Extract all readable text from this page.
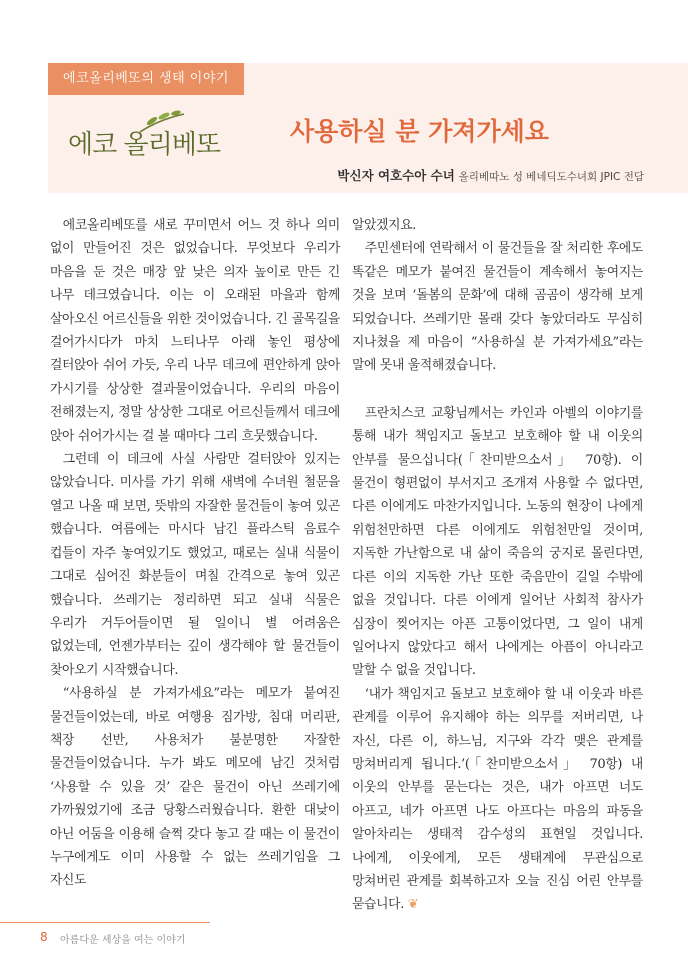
에코올리베또의 생태 이야기
에코 올리베또	사용하실 분 가져가세요
박신자 여호수아 수녀 올리베따노 성 베네딕도수녀회 JPIC 전담

에코올리베또를 새로 꾸미면서 어느 것 하나 의미 없이 만들어진 것은 없었습니다. 무엇보다 우리가 마음을 둔 것은 매장 앞 낮은 의자 높이로 만든 긴 나무 데크였습니다. 이는 이 오래된 마을과 함께 살아오신 어르신들을 위한 것이었습니다. 긴 골목길을 걸어가시다가 마치 느티나무 아래 놓인 평상에 걸터앉아 쉬어 가듯, 우리 나무 데크에 편안하게 앉아 가시기를 상상한 결과물이었습니다. 우리의 마음이 전해졌는지, 정말 상상한 그대로 어르신들께서 데크에 앉아 쉬어가시는 걸 볼 때마다 그리 흐뭇했습니다.

그런데 이 데크에 사실 사람만 걸터앉아 있지는 않았습니다. 미사를 가기 위해 새벽에 수녀원 철문을 열고 나올 때 보면, 뜻밖의 자잘한 물건들이 놓여 있곤 했습니다. 여름에는 마시다 남긴 플라스틱 음료수 컵들이 자주 놓여있기도 했었고, 때로는 실내 식물이 그대로 심어진 화분들이 며칠 간격으로 놓여 있곤 했습니다. 쓰레기는 정리하면 되고 실내 식물은 우리가 거두어들이면 될 일이니 별 어려움은 없었는데, 언젠가부터는 깊이 생각해야 할 물건들이 찾아오기 시작했습니다.

“사용하실 분 가져가세요”라는 메모가 붙여진 물건들이었는데, 바로 여행용 짐가방, 침대 머리판, 책장 선반, 사용처가 불분명한 자잘한 물건들이었습니다. 누가 봐도 메모에 남긴 것처럼 ‘사용할 수 있을 것’ 같은 물건이 아닌 쓰레기에 가까웠었기에 조금 당황스러웠습니다. 환한 대낮이 아닌 어둠을 이용해 슬쩍 갖다 놓고 갈 때는 이 물건이 누구에게도 이미 사용할 수 없는 쓰레기임을 그 자신도

알았겠지요.

주민센터에 연락해서 이 물건들을 잘 처리한 후에도 똑같은 메모가 붙여진 물건들이 계속해서 놓여지는 것을 보며 ‘돌봄의 문화’에 대해 곰곰이 생각해 보게 되었습니다. 쓰레기만 몰래 갖다 놓았더라도 무심히 지나쳤을 제 마음이 “사용하실 분 가져가세요”라는 말에 못내 울적해졌습니다.

프란치스코 교황님께서는 카인과 아벨의 이야기를 통해 내가 책임지고 돌보고 보호해야 할 내 이웃의 안부를 물으십니다(「찬미받으소서」 70항). 이 물건이 형편없이 부서지고 조개져 사용할 수 없다면, 다른 이에게도 마찬가지입니다. 노동의 현장이 나에게 위험천만하면 다른 이에게도 위험천만일 것이며, 지독한 가난함으로 내 삶이 죽음의 궁지로 몰린다면, 다른 이의 지독한 가난 또한 죽음만이 길일 수밖에 없을 것입니다. 다른 이에게 일어난 사회적 참사가 심장이 찢어지는 아픈 고통이었다면, 그 일이 내게 일어나지 않았다고 해서 나에게는 아픔이 아니라고 말할 수 없을 것입니다.

‘내가 책임지고 돌보고 보호해야 할 내 이웃과 바른 관계를 이루어 유지해야 하는 의무를 저버리면, 나 자신, 다른 이, 하느님, 지구와 각각 맺은 관계를 망쳐버리게 됩니다.’(「찬미받으소서」 70항) 내 이웃의 안부를 묻는다는 것은, 내가 아프면 너도 아프고, 네가 아프면 나도 아프다는 마음의 파동을 알아차리는 생태적 감수성의 표현일 것입니다. 나에게, 이웃에게, 모든 생태계에 무관심으로 망쳐버린 관계를 회복하고자 오늘 진심 어린 안부를 묻습니다. ❦

8 아름다운 세상을 여는 이야기
